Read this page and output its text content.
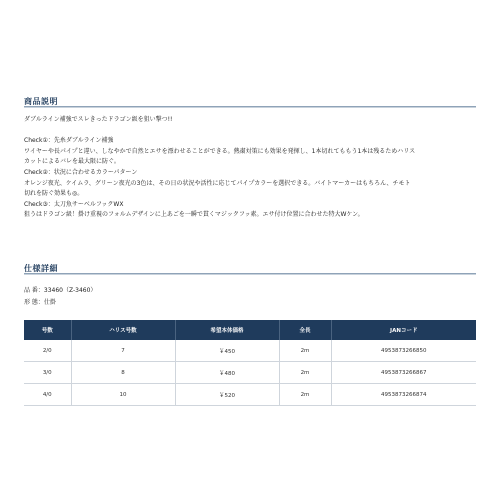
商品説明
ダブルライン補強でスレきったドラゴン級を狙い撃つ!!
Check①：先糸ダブルライン補強
ワイヤーや長パイプと違い、しなやかで自然とエサを漂わせることができる。熱粛対策にも効果を発揮し、1本切れてももう1本は残るためハリス
カットによるバレを最大限に防ぐ。
Check②：状況に合わせるカラーパターン
オレンジ夜光、ケイムラ、グリーン夜光の3色は、その日の状況や活性に応じてパイプカラーを選択できる。バイトマーカーはもちろん、チモト
切れを防ぐ効果も◎。
Check③：太刀魚サーベルフックWX
狙うはドラゴン級！掛け重視のフォルムデザインに上あごを一瞬で貫くマジックフッ素。エサ付け位置に合わせた特大Wケン。
仕様詳細
品 番：33460（Z-3460）
形 態：仕掛
号数	ハリス号数	希望本体価格	全長	JANコード
2/0	7	￥450	2m	4953873266850
3/0	8	￥480	2m	4953873266867
4/0	10	￥520	2m	4953873266874
